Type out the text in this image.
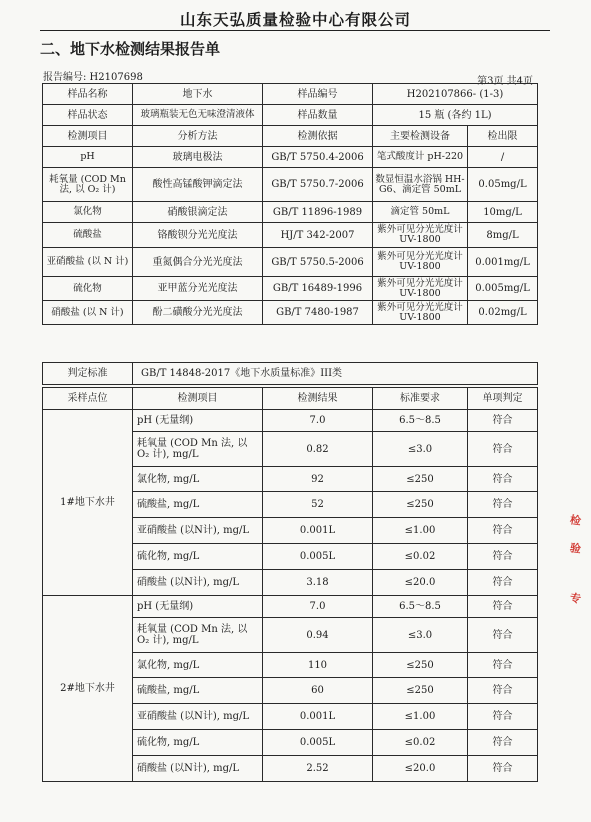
山东天弘质量检验中心有限公司
二、地下水检测结果报告单
报告编号: H2107698	第3页 共4页
样品名称	地下水	样品编号	H202107866- (1-3)	
样品状态	玻璃瓶装无色无味澄清液体	样品数量	15 瓶 (各约 1L)	
检测项目	分析方法	检测依据	主要检测设备	检出限
pH	玻璃电极法	GB/T 5750.4-2006	笔式酸度计 pH-220	/
耗氧量 (COD Mn 法, 以 O₂ 计)	酸性高锰酸钾滴定法	GB/T 5750.7-2006	数显恒温水浴锅 HH-G6、滴定管 50mL	0.05mg/L
氯化物	硝酸银滴定法	GB/T 11896-1989	滴定管 50mL	10mg/L
硫酸盐	铬酸钡分光光度法	HJ/T 342-2007	紫外可见分光光度计 UV-1800	8mg/L
亚硝酸盐 (以 N 计)	重氮偶合分光光度法	GB/T 5750.5-2006	紫外可见分光光度计 UV-1800	0.001mg/L
硫化物	亚甲蓝分光光度法	GB/T 16489-1996	紫外可见分光光度计 UV-1800	0.005mg/L
硝酸盐 (以 N 计)	酚二磺酸分光光度法	GB/T 7480-1987	紫外可见分光光度计 UV-1800	0.02mg/L
判定标准	GB/T 14848-2017《地下水质量标准》III类
采样点位	检测项目	检测结果	标准要求	单项判定
1#地下水井	pH (无量纲)	7.0	6.5～8.5	符合
	耗氧量 (COD Mn 法, 以 O₂ 计), mg/L	0.82	≤3.0	符合
	氯化物, mg/L	92	≤250	符合
	硫酸盐, mg/L	52	≤250	符合
	亚硝酸盐 (以N计), mg/L	0.001L	≤1.00	符合
	硫化物, mg/L	0.005L	≤0.02	符合
	硝酸盐 (以N计), mg/L	3.18	≤20.0	符合
2#地下水井	pH (无量纲)	7.0	6.5～8.5	符合
	耗氧量 (COD Mn 法, 以 O₂ 计), mg/L	0.94	≤3.0	符合
	氯化物, mg/L	110	≤250	符合
	硫酸盐, mg/L	60	≤250	符合
	亚硝酸盐 (以N计), mg/L	0.001L	≤1.00	符合
	硫化物, mg/L	0.005L	≤0.02	符合
	硝酸盐 (以N计), mg/L	2.52	≤20.0	符合
检
验
专
